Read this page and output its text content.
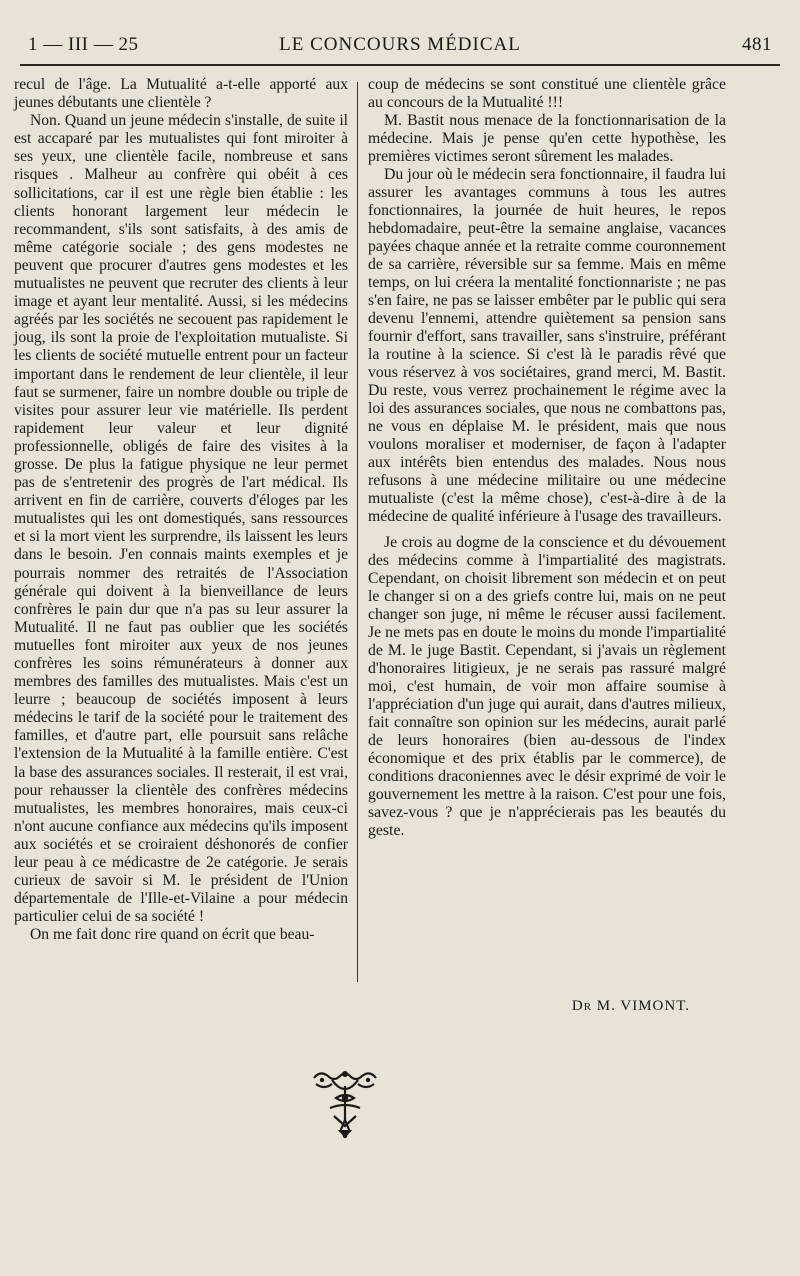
1 — III — 25	LE CONCOURS MÉDICAL	481

recul de l'âge. La Mutualité a-t-elle apporté aux jeunes débutants une clientèle ?

Non. Quand un jeune médecin s'installe, de suite il est accaparé par les mutualistes qui font miroiter à ses yeux, une clientèle facile, nombreuse et sans risques . Malheur au confrère qui obéit à ces sollicitations, car il est une règle bien établie : les clients honorant largement leur médecin le recommandent, s'ils sont satisfaits, à des amis de même catégorie sociale ; des gens modestes ne peuvent que procurer d'autres gens modestes et les mutualistes ne peuvent que recruter des clients à leur image et ayant leur mentalité. Aussi, si les médecins agréés par les sociétés ne secouent pas rapidement le joug, ils sont la proie de l'exploitation mutualiste. Si les clients de société mutuelle entrent pour un facteur important dans le rendement de leur clientèle, il leur faut se surmener, faire un nombre double ou triple de visites pour assurer leur vie matérielle. Ils perdent rapidement leur valeur et leur dignité professionnelle, obligés de faire des visites à la grosse. De plus la fatigue physique ne leur permet pas de s'entretenir des progrès de l'art médical. Ils arrivent en fin de carrière, couverts d'éloges par les mutualistes qui les ont domestiqués, sans ressources et si la mort vient les surprendre, ils laissent les leurs dans le besoin. J'en connais maints exemples et je pourrais nommer des retraités de l'Association générale qui doivent à la bienveillance de leurs confrères le pain dur que n'a pas su leur assurer la Mutualité. Il ne faut pas oublier que les sociétés mutuelles font miroiter aux yeux de nos jeunes confrères les soins rémunérateurs à donner aux membres des familles des mutualistes. Mais c'est un leurre ; beaucoup de sociétés imposent à leurs médecins le tarif de la société pour le traitement des familles, et d'autre part, elle poursuit sans relâche l'extension de la Mutualité à la famille entière. C'est la base des assurances sociales. Il resterait, il est vrai, pour rehausser la clientèle des confrères médecins mutualistes, les membres honoraires, mais ceux-ci n'ont aucune confiance aux médecins qu'ils imposent aux sociétés et se croiraient déshonorés de confier leur peau à ce médicastre de 2e catégorie. Je serais curieux de savoir si M. le président de l'Union départementale de l'Ille-et-Vilaine a pour médecin particulier celui de sa société !

On me fait donc rire quand on écrit que beau-

coup de médecins se sont constitué une clientèle grâce au concours de la Mutualité !!!

M. Bastit nous menace de la fonctionnarisation de la médecine. Mais je pense qu'en cette hypothèse, les premières victimes seront sûrement les malades.

Du jour où le médecin sera fonctionnaire, il faudra lui assurer les avantages communs à tous les autres fonctionnaires, la journée de huit heures, le repos hebdomadaire, peut-être la semaine anglaise, vacances payées chaque année et la retraite comme couronnement de sa carrière, réversible sur sa femme. Mais en même temps, on lui créera la mentalité fonctionnariste ; ne pas s'en faire, ne pas se laisser embêter par le public qui sera devenu l'ennemi, attendre quiètement sa pension sans fournir d'effort, sans travailler, sans s'instruire, préférant la routine à la science. Si c'est là le paradis rêvé que vous réservez à vos sociétaires, grand merci, M. Bastit. Du reste, vous verrez prochainement le régime avec la loi des assurances sociales, que nous ne combattons pas, ne vous en déplaise M. le président, mais que nous voulons moraliser et moderniser, de façon à l'adapter aux intérêts bien entendus des malades. Nous nous refusons à une médecine militaire ou une médecine mutualiste (c'est la même chose), c'est-à-dire à de la médecine de qualité inférieure à l'usage des travailleurs.

Je crois au dogme de la conscience et du dévouement des médecins comme à l'impartialité des magistrats. Cependant, on choisit librement son médecin et on peut le changer si on a des griefs contre lui, mais on ne peut changer son juge, ni même le récuser aussi facilement. Je ne mets pas en doute le moins du monde l'impartialité de M. le juge Bastit. Cependant, si j'avais un règlement d'honoraires litigieux, je ne serais pas rassuré malgré moi, c'est humain, de voir mon affaire soumise à l'appréciation d'un juge qui aurait, dans d'autres milieux, fait connaître son opinion sur les médecins, aurait parlé de leurs honoraires (bien au-dessous de l'index économique et des prix établis par le commerce), de conditions draconiennes avec le désir exprimé de voir le gouvernement les mettre à la raison. C'est pour une fois, savez-vous ? que je n'apprécierais pas les beautés du geste.

Dr M. VIMONT.
